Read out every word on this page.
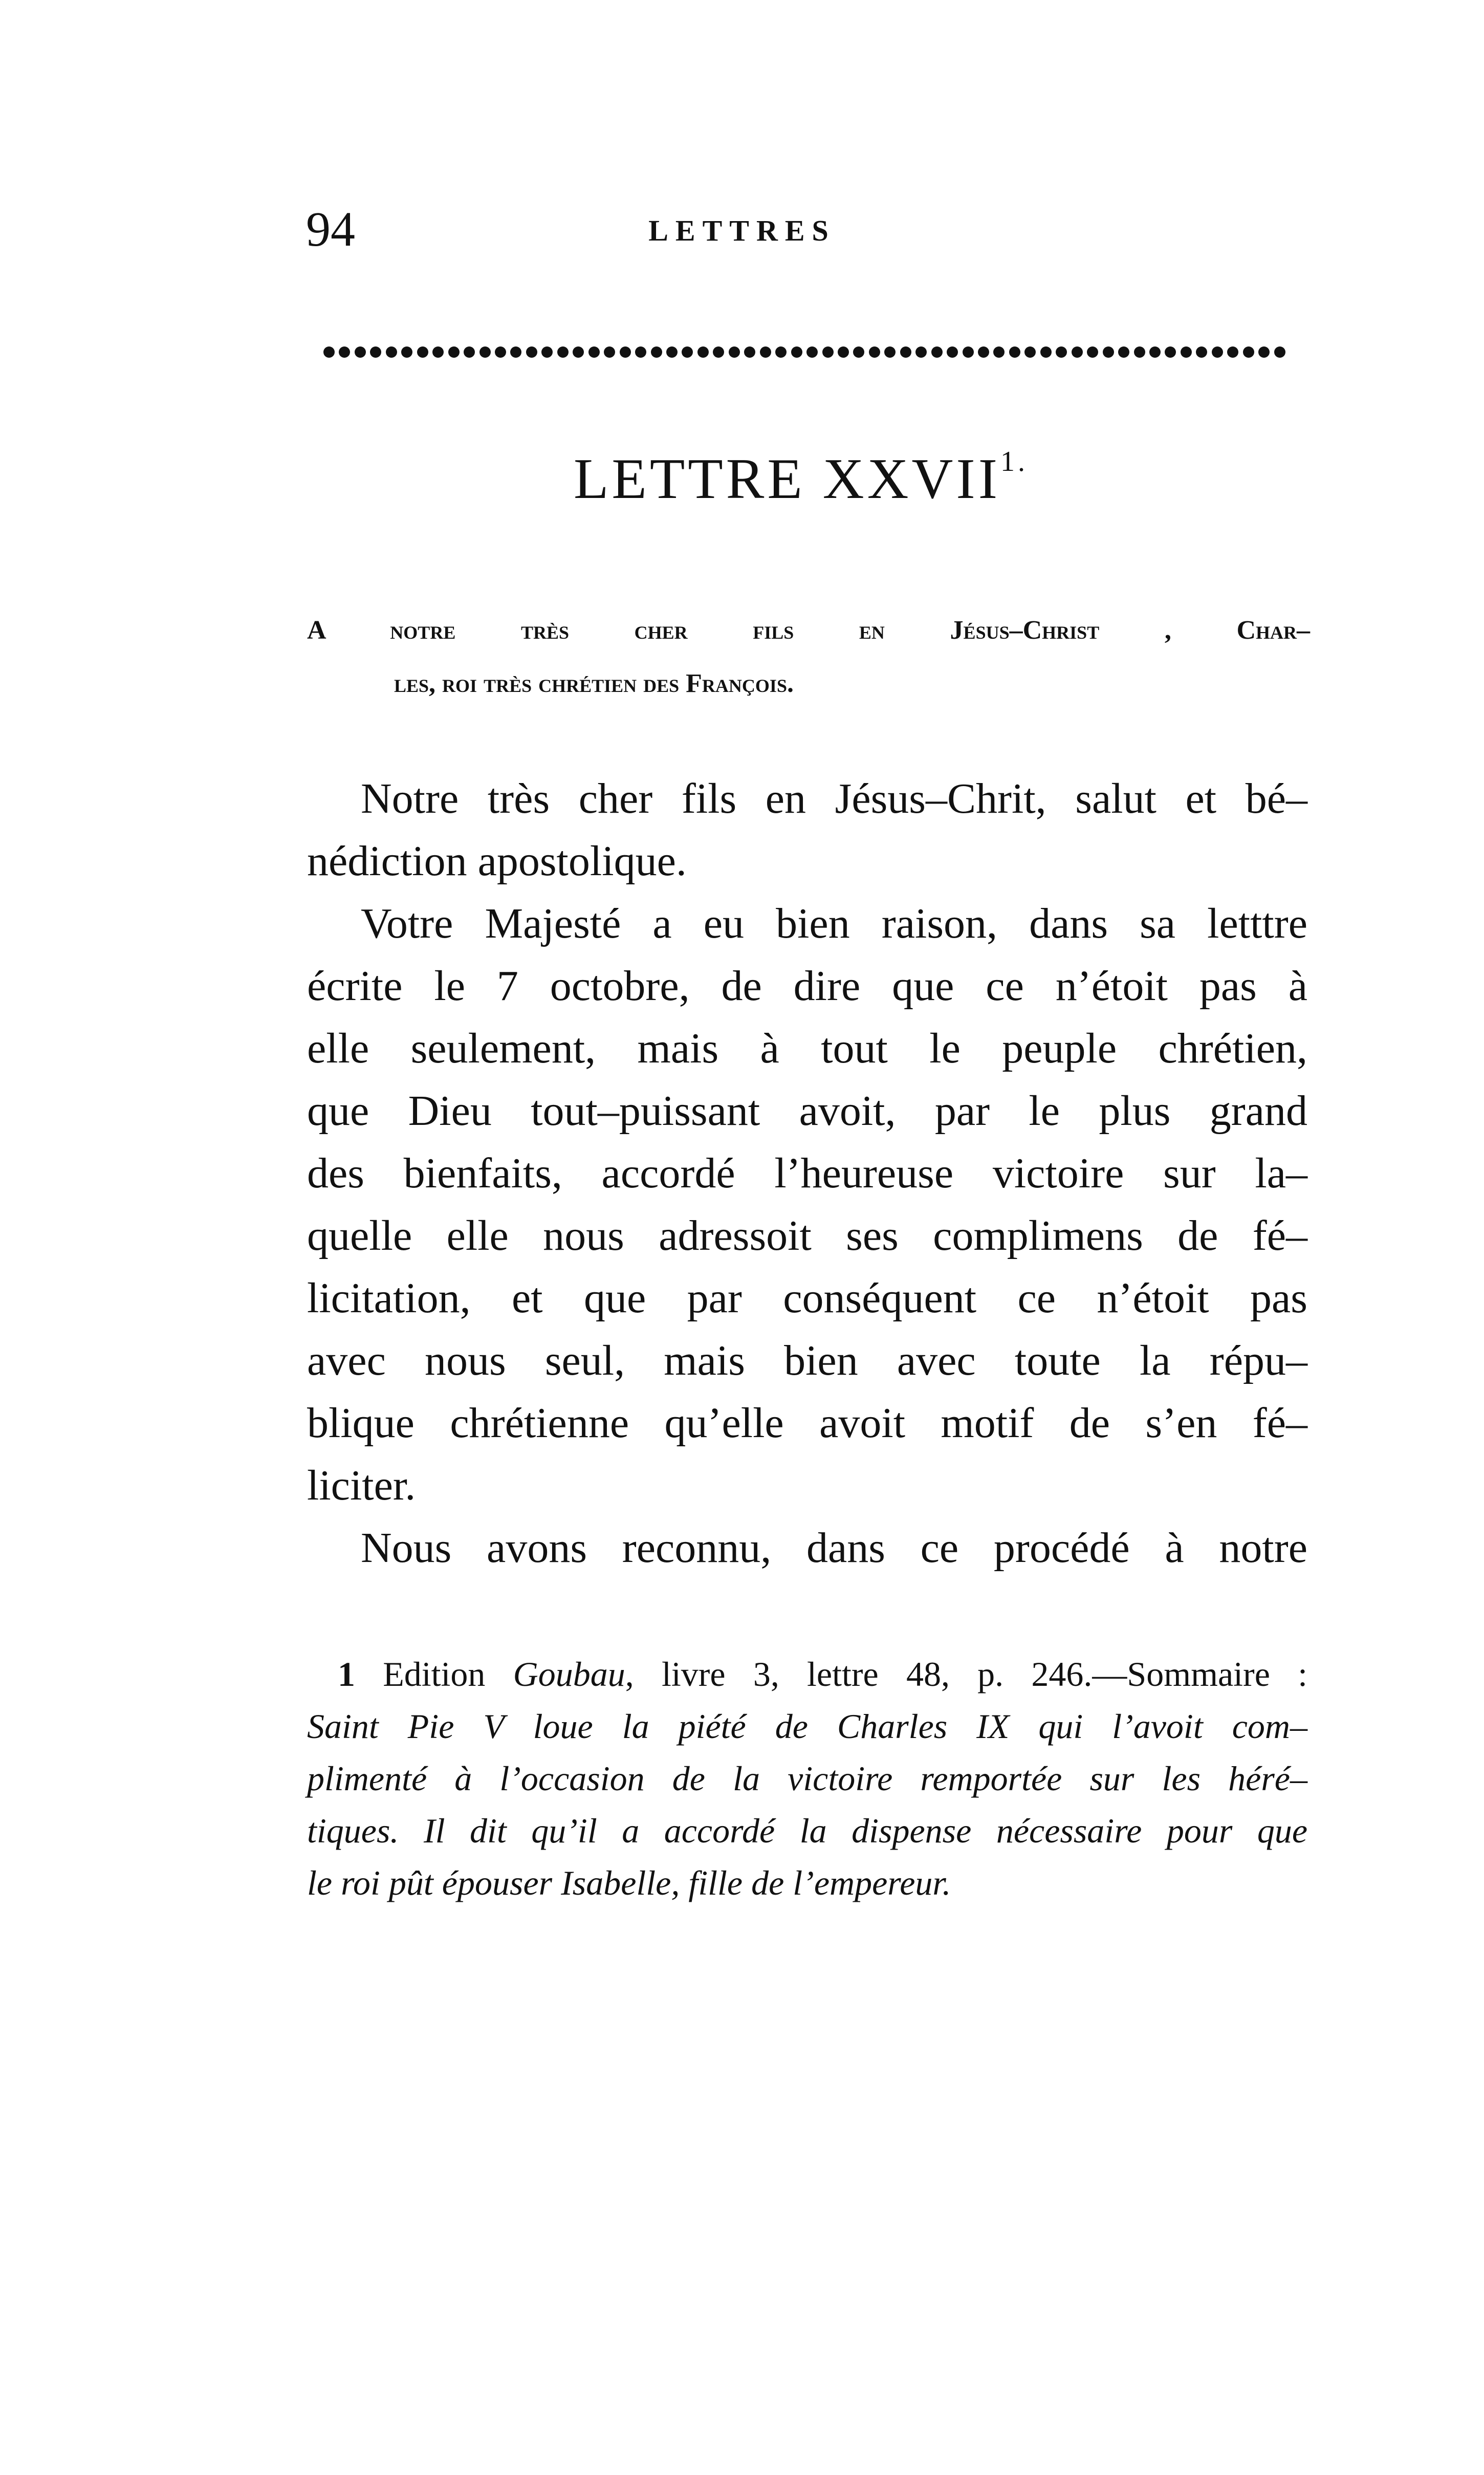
94	LETTRES
LETTRE $XXVII^{1.}$
A notre très cher fils en Jésus–Christ , Char–
les, roi très chrétien des François.
Notre très cher fils en Jésus–Chrit, salut et bé–
nédiction apostolique.
Votre Majesté a eu bien raison, dans sa letttre
écrite le 7 octobre, de dire que ce n’étoit pas à
elle seulement, mais à tout le peuple chrétien,
que Dieu tout–puissant avoit, par le plus grand
des bienfaits, accordé l’heureuse victoire sur la–
quelle elle nous adressoit ses complimens de fé–
licitation, et que par conséquent ce n’étoit pas
avec nous seul, mais bien avec toute la répu–
blique chrétienne qu’elle avoit motif de s’en fé–
liciter.
Nous avons reconnu, dans ce procédé à notre
1 Edition Goubau, livre 3, lettre 48, p. 246.—Sommaire :
Saint Pie V loue la piété de Charles IX qui l’avoit com–
plimenté à l’occasion de la victoire remportée sur les héré–
tiques. Il dit qu’il a accordé la dispense nécessaire pour que
le roi pût épouser Isabelle, fille de l’empereur.
